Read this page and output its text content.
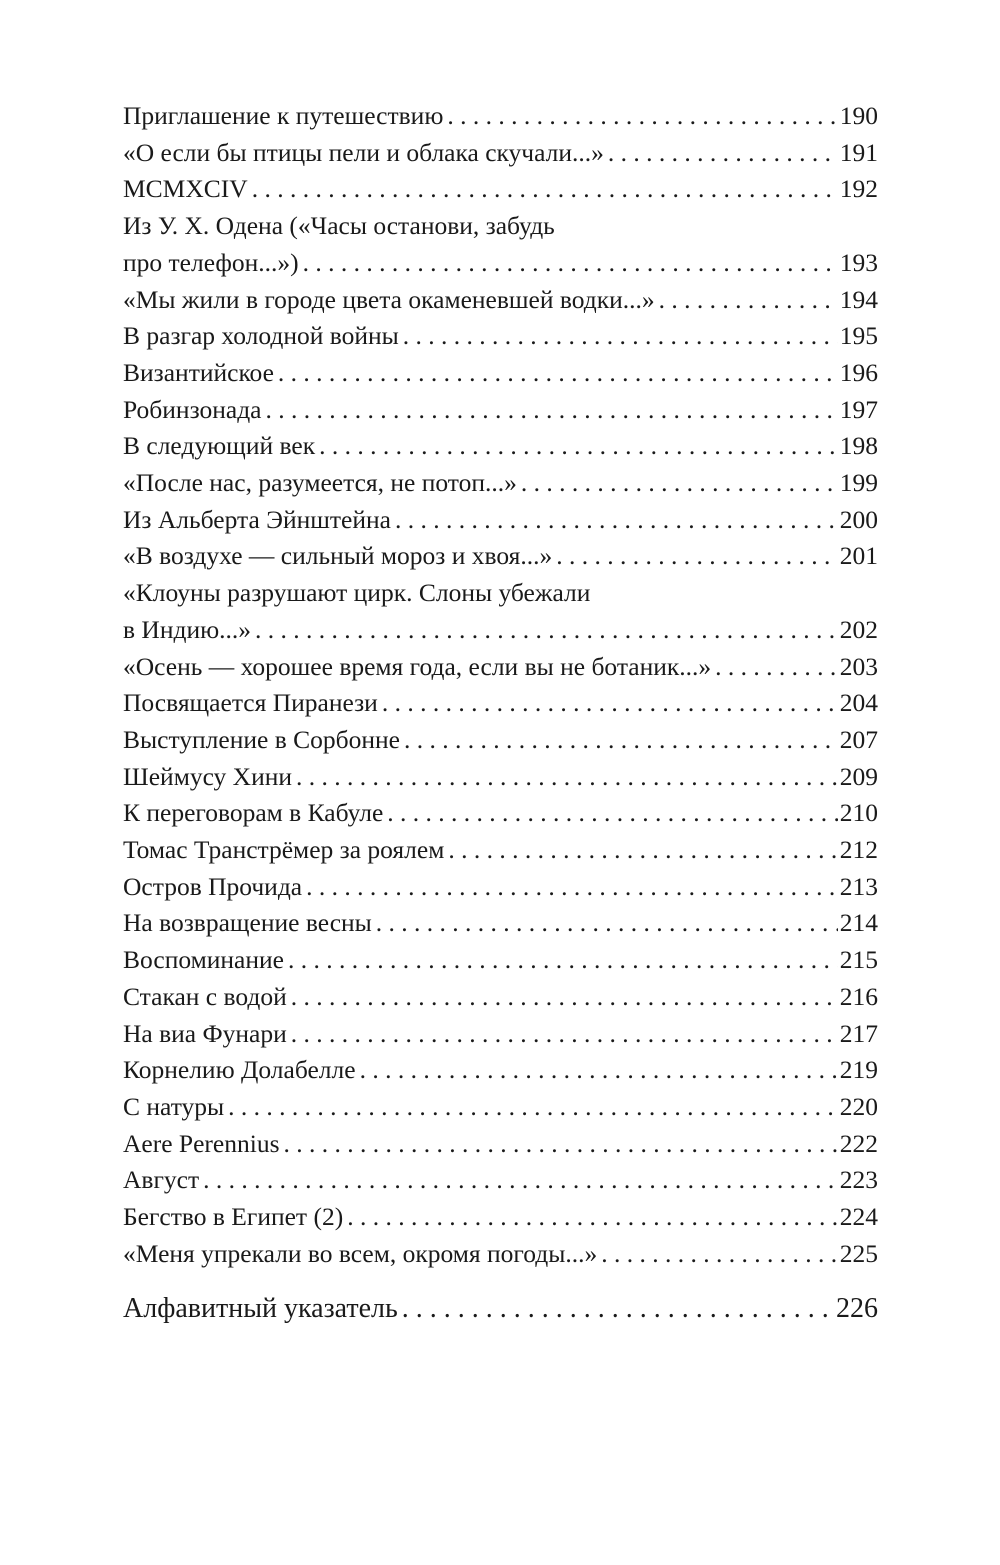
Приглашение к путешествию . . .	190
«О если бы птицы пели и облака скучали...» . . .	191
MCMXCIV . . .	192
Из У. Х. Одена («Часы останови, забудь
про телефон...») . . .	193
«Мы жили в городе цвета окаменевшей водки...» . . .	194
В разгар холодной войны . . .	195
Византийское . . .	196
Робинзонада . . .	197
В следующий век . . .	198
«После нас, разумеется, не потоп...» . . .	199
Из Альберта Эйнштейна . . .	200
«В воздухе — сильный мороз и хвоя...» . . .	201
«Клоуны разрушают цирк. Слоны убежали
в Индию...» . . .	202
«Осень — хорошее время года, если вы не ботаник...» . . .	203
Посвящается Пиранези . . .	204
Выступление в Сорбонне . . .	207
Шеймусу Хини . . .	209
К переговорам в Кабуле . . .	210
Томас Транстрёмер за роялем . . .	212
Остров Прочида . . .	213
На возвращение весны . . .	214
Воспоминание . . .	215
Стакан с водой . . .	216
На виа Фунари . . .	217
Корнелию Долабелле . . .	219
С натуры . . .	220
Aere Perennius . . .	222
Август . . .	223
Бегство в Египет (2) . . .	224
«Меня упрекали во всем, окромя погоды...» . . .	225
Алфавитный указатель . . .	226
